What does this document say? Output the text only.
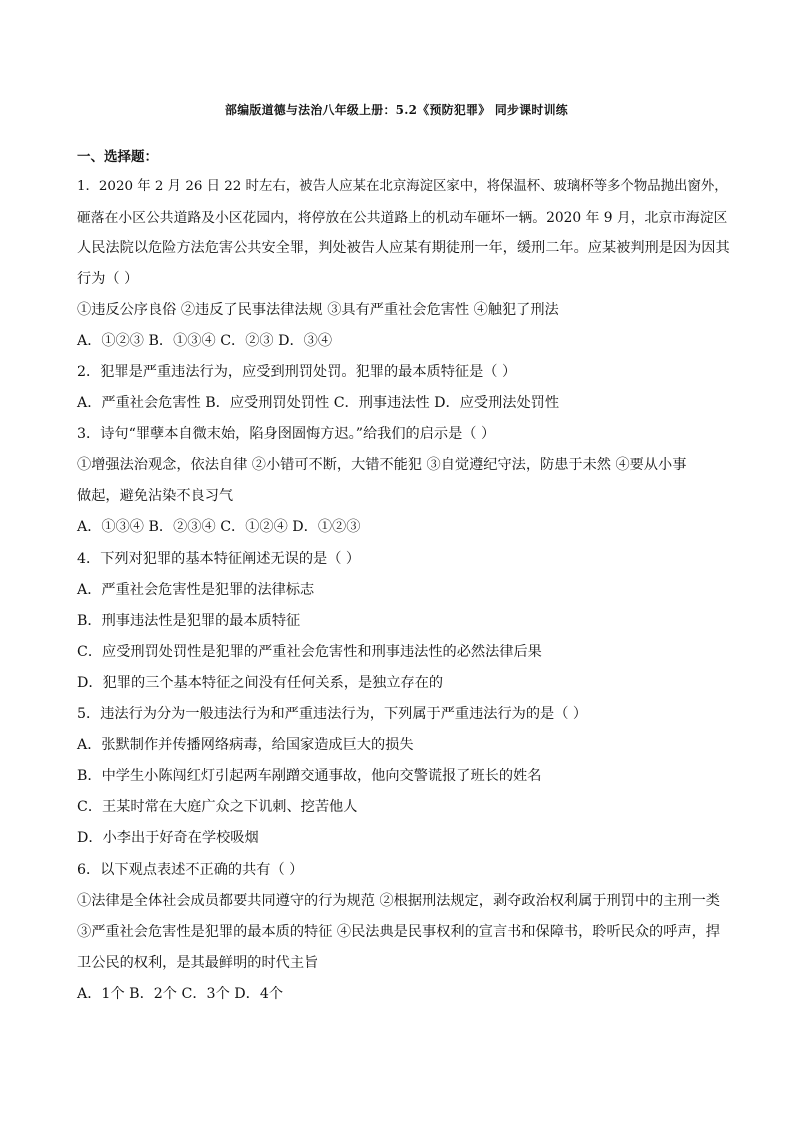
部编版道德与法治八年级上册：5.2《预防犯罪》 同步课时训练
一、选择题：
1．2020 年 2 月 26 日 22 时左右，被告人应某在北京海淀区家中，将保温杯、玻璃杯等多个物品抛出窗外，
砸落在小区公共道路及小区花园内，将停放在公共道路上的机动车砸坏一辆。2020 年 9 月，北京市海淀区
人民法院以危险方法危害公共安全罪，判处被告人应某有期徒刑一年，缓刑二年。应某被判刑是因为因其
行为（ ）
①违反公序良俗 ②违反了民事法律法规 ③具有严重社会危害性 ④触犯了刑法
A．①②③ B．①③④ C．②③ D．③④
2．犯罪是严重违法行为，应受到刑罚处罚。犯罪的最本质特征是（ ）
A．严重社会危害性 B．应受刑罚处罚性 C．刑事违法性 D．应受刑法处罚性
3．诗句“罪孽本自微末始，陷身囹圄悔方迟。”给我们的启示是（ ）
①增强法治观念，依法自律 ②小错可不断，大错不能犯 ③自觉遵纪守法，防患于未然 ④要从小事
做起，避免沾染不良习气
A．①③④ B．②③④ C．①②④ D．①②③
4．下列对犯罪的基本特征阐述无误的是（ ）
A．严重社会危害性是犯罪的法律标志
B．刑事违法性是犯罪的最本质特征
C．应受刑罚处罚性是犯罪的严重社会危害性和刑事违法性的必然法律后果
D．犯罪的三个基本特征之间没有任何关系，是独立存在的
5．违法行为分为一般违法行为和严重违法行为，下列属于严重违法行为的是（ ）
A．张默制作并传播网络病毒，给国家造成巨大的损失
B．中学生小陈闯红灯引起两车剐蹭交通事故，他向交警谎报了班长的姓名
C．王某时常在大庭广众之下讥刺、挖苦他人
D．小李出于好奇在学校吸烟
6．以下观点表述不正确的共有（ ）
①法律是全体社会成员都要共同遵守的行为规范 ②根据刑法规定，剥夺政治权利属于刑罚中的主刑一类
③严重社会危害性是犯罪的最本质的特征 ④民法典是民事权利的宣言书和保障书，聆听民众的呼声，捍
卫公民的权利，是其最鲜明的时代主旨
A．1个 B．2个 C．3个 D．4个
